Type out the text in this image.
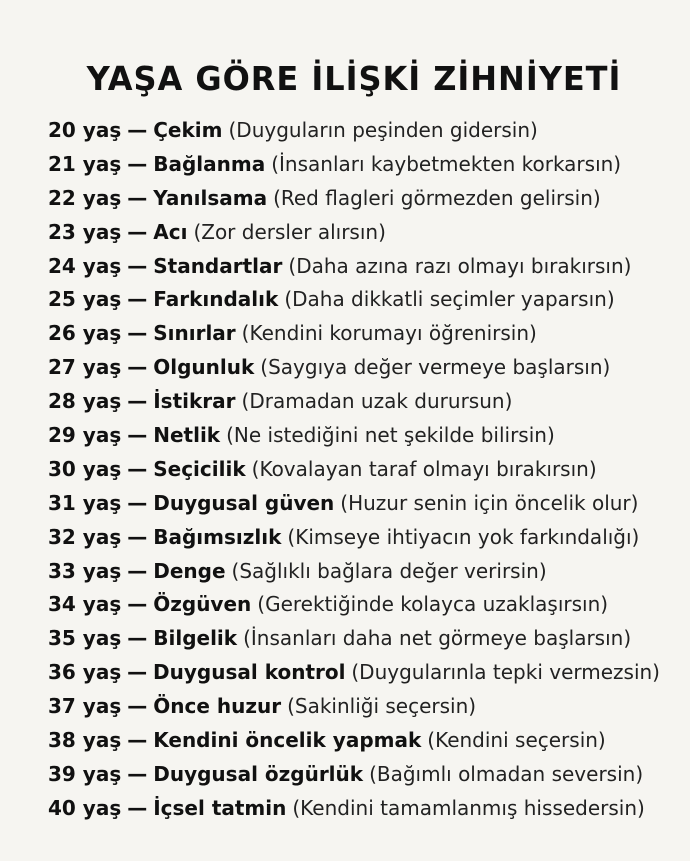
YAŞA GÖRE İLİŞKİ ZİHNİYETİ
20 yaş — Çekim (Duyguların peşinden gidersin)
21 yaş — Bağlanma (İnsanları kaybetmekten korkarsın)
22 yaş — Yanılsama (Red flagleri görmezden gelirsin)
23 yaş — Acı (Zor dersler alırsın)
24 yaş — Standartlar (Daha azına razı olmayı bırakırsın)
25 yaş — Farkındalık (Daha dikkatli seçimler yaparsın)
26 yaş — Sınırlar (Kendini korumayı öğrenirsin)
27 yaş — Olgunluk (Saygıya değer vermeye başlarsın)
28 yaş — İstikrar (Dramadan uzak durursun)
29 yaş — Netlik (Ne istediğini net şekilde bilirsin)
30 yaş — Seçicilik (Kovalayan taraf olmayı bırakırsın)
31 yaş — Duygusal güven (Huzur senin için öncelik olur)
32 yaş — Bağımsızlık (Kimseye ihtiyacın yok farkındalığı)
33 yaş — Denge (Sağlıklı bağlara değer verirsin)
34 yaş — Özgüven (Gerektiğinde kolayca uzaklaşırsın)
35 yaş — Bilgelik (İnsanları daha net görmeye başlarsın)
36 yaş — Duygusal kontrol (Duygularınla tepki vermezsin)
37 yaş — Önce huzur (Sakinliği seçersin)
38 yaş — Kendini öncelik yapmak (Kendini seçersin)
39 yaş — Duygusal özgürlük (Bağımlı olmadan seversin)
40 yaş — İçsel tatmin (Kendini tamamlanmış hissedersin)
